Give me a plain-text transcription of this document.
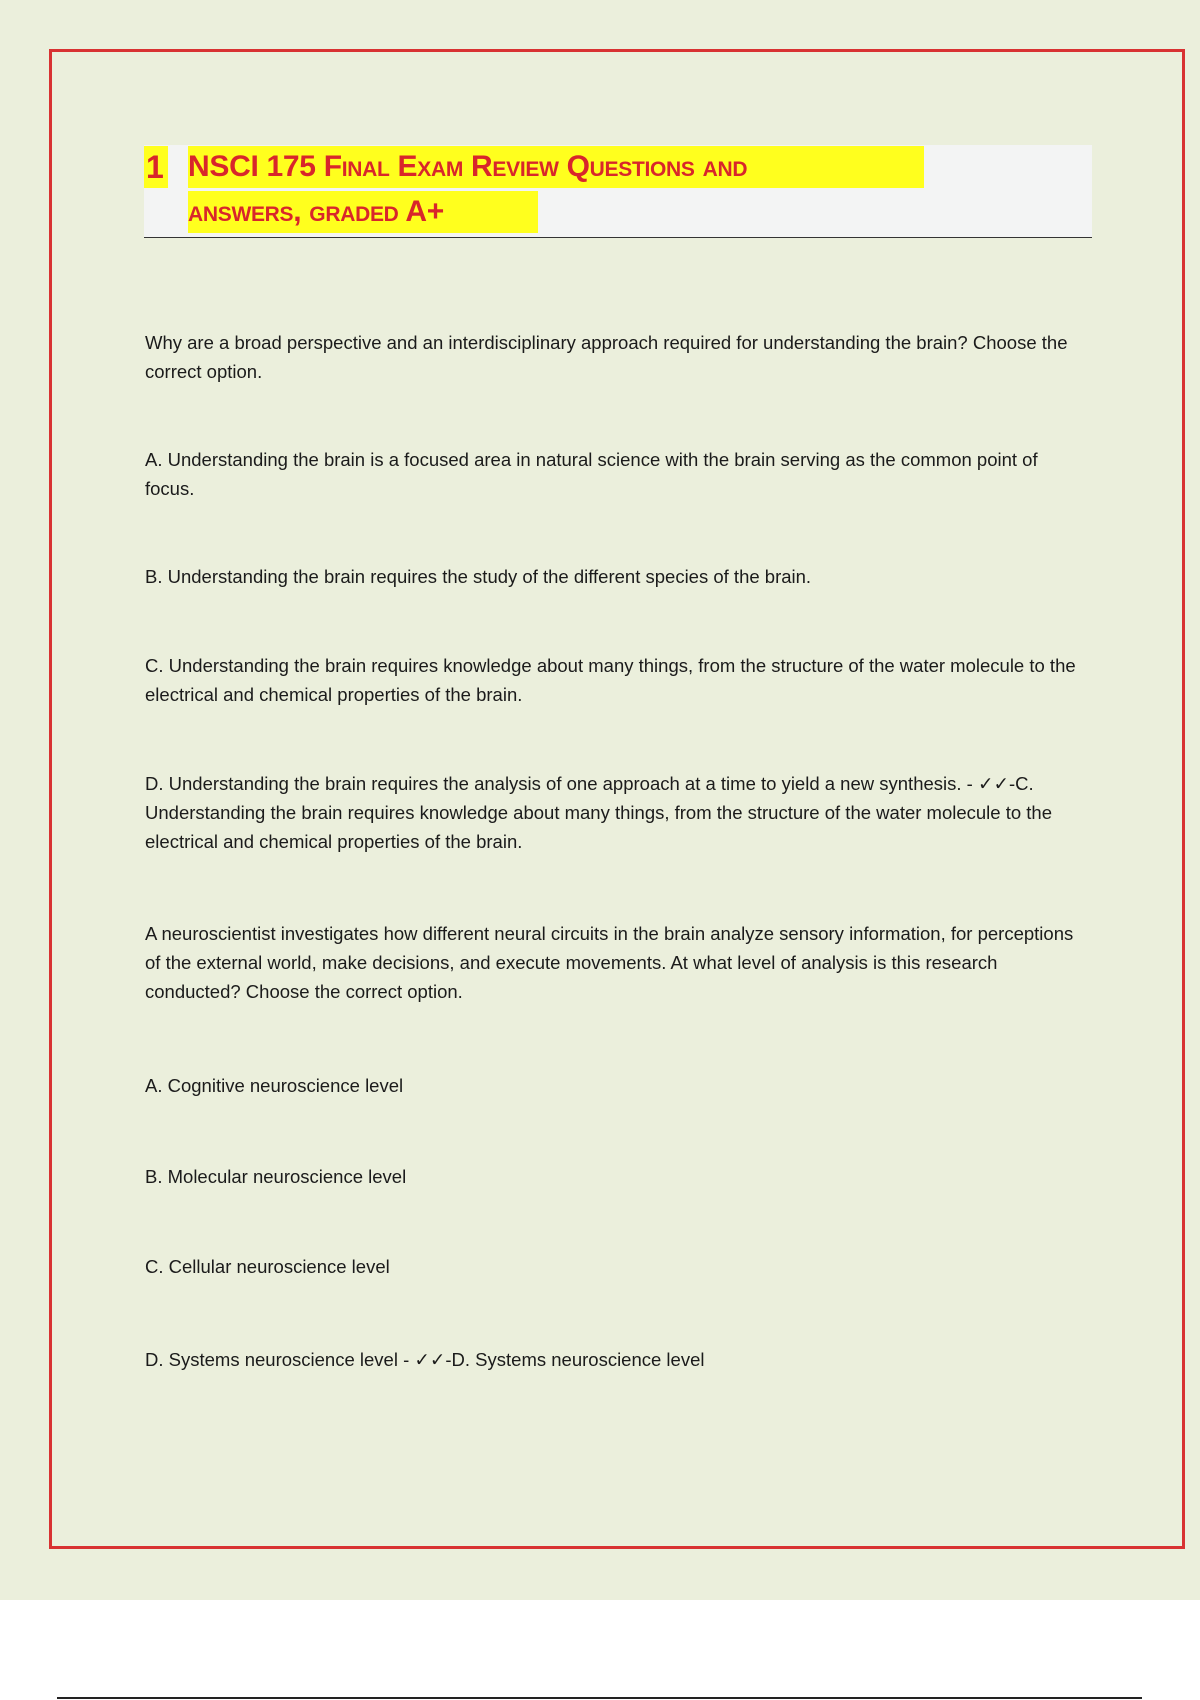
1 NSCI 175 Final Exam Review Questions and
answers, graded A+

Why are a broad perspective and an interdisciplinary approach required for understanding the brain? Choose the correct option.

A. Understanding the brain is a focused area in natural science with the brain serving as the common point of focus.

B. Understanding the brain requires the study of the different species of the brain.

C. Understanding the brain requires knowledge about many things, from the structure of the water molecule to the electrical and chemical properties of the brain.

D. Understanding the brain requires the analysis of one approach at a time to yield a new synthesis. - ✓✓-C. Understanding the brain requires knowledge about many things, from the structure of the water molecule to the electrical and chemical properties of the brain.

A neuroscientist investigates how different neural circuits in the brain analyze sensory information, for perceptions of the external world, make decisions, and execute movements. At what level of analysis is this research conducted? Choose the correct option.

A. Cognitive neuroscience level

B. Molecular neuroscience level

C. Cellular neuroscience level

D. Systems neuroscience level - ✓✓-D. Systems neuroscience level
